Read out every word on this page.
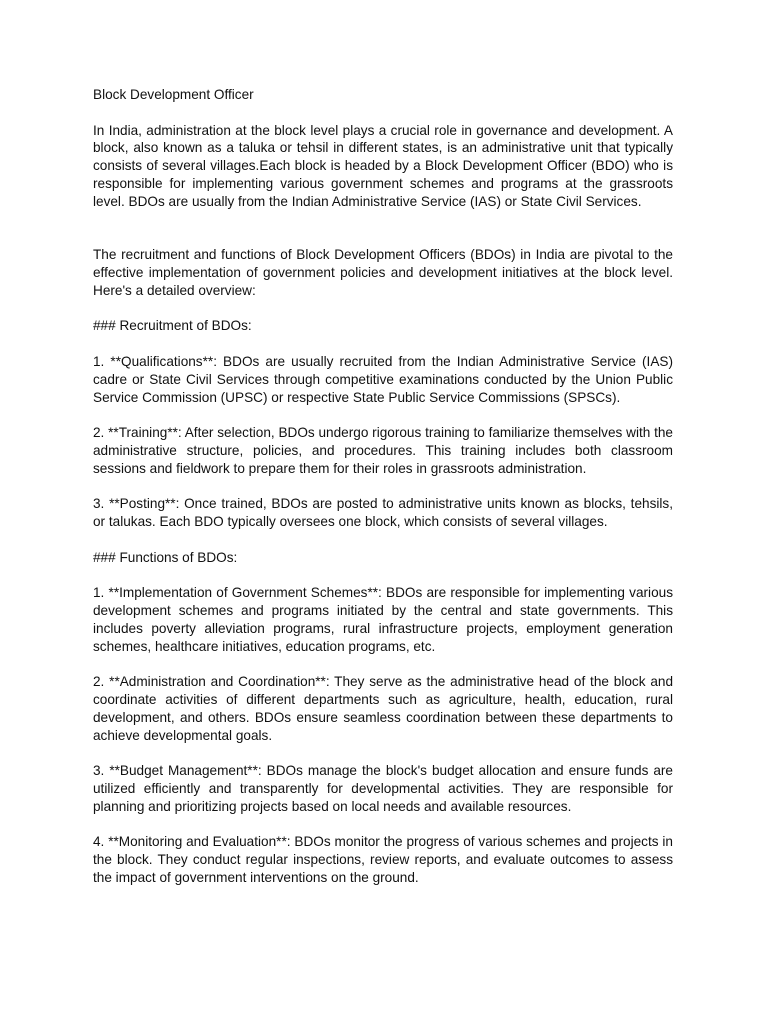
Block Development Officer

In India, administration at the block level plays a crucial role in governance and development. A block, also known as a taluka or tehsil in different states, is an administrative unit that typically consists of several villages.Each block is headed by a Block Development Officer (BDO) who is responsible for implementing various government schemes and programs at the grassroots level. BDOs are usually from the Indian Administrative Service (IAS) or State Civil Services.

The recruitment and functions of Block Development Officers (BDOs) in India are pivotal to the effective implementation of government policies and development initiatives at the block level. Here's a detailed overview:

### Recruitment of BDOs:

1. **Qualifications**: BDOs are usually recruited from the Indian Administrative Service (IAS) cadre or State Civil Services through competitive examinations conducted by the Union Public Service Commission (UPSC) or respective State Public Service Commissions (SPSCs).

2. **Training**: After selection, BDOs undergo rigorous training to familiarize themselves with the administrative structure, policies, and procedures. This training includes both classroom sessions and fieldwork to prepare them for their roles in grassroots administration.

3. **Posting**: Once trained, BDOs are posted to administrative units known as blocks, tehsils, or talukas. Each BDO typically oversees one block, which consists of several villages.

### Functions of BDOs:

1. **Implementation of Government Schemes**: BDOs are responsible for implementing various development schemes and programs initiated by the central and state governments. This includes poverty alleviation programs, rural infrastructure projects, employment generation schemes, healthcare initiatives, education programs, etc.

2. **Administration and Coordination**: They serve as the administrative head of the block and coordinate activities of different departments such as agriculture, health, education, rural development, and others. BDOs ensure seamless coordination between these departments to achieve developmental goals.

3. **Budget Management**: BDOs manage the block's budget allocation and ensure funds are utilized efficiently and transparently for developmental activities. They are responsible for planning and prioritizing projects based on local needs and available resources.

4. **Monitoring and Evaluation**: BDOs monitor the progress of various schemes and projects in the block. They conduct regular inspections, review reports, and evaluate outcomes to assess the impact of government interventions on the ground.
